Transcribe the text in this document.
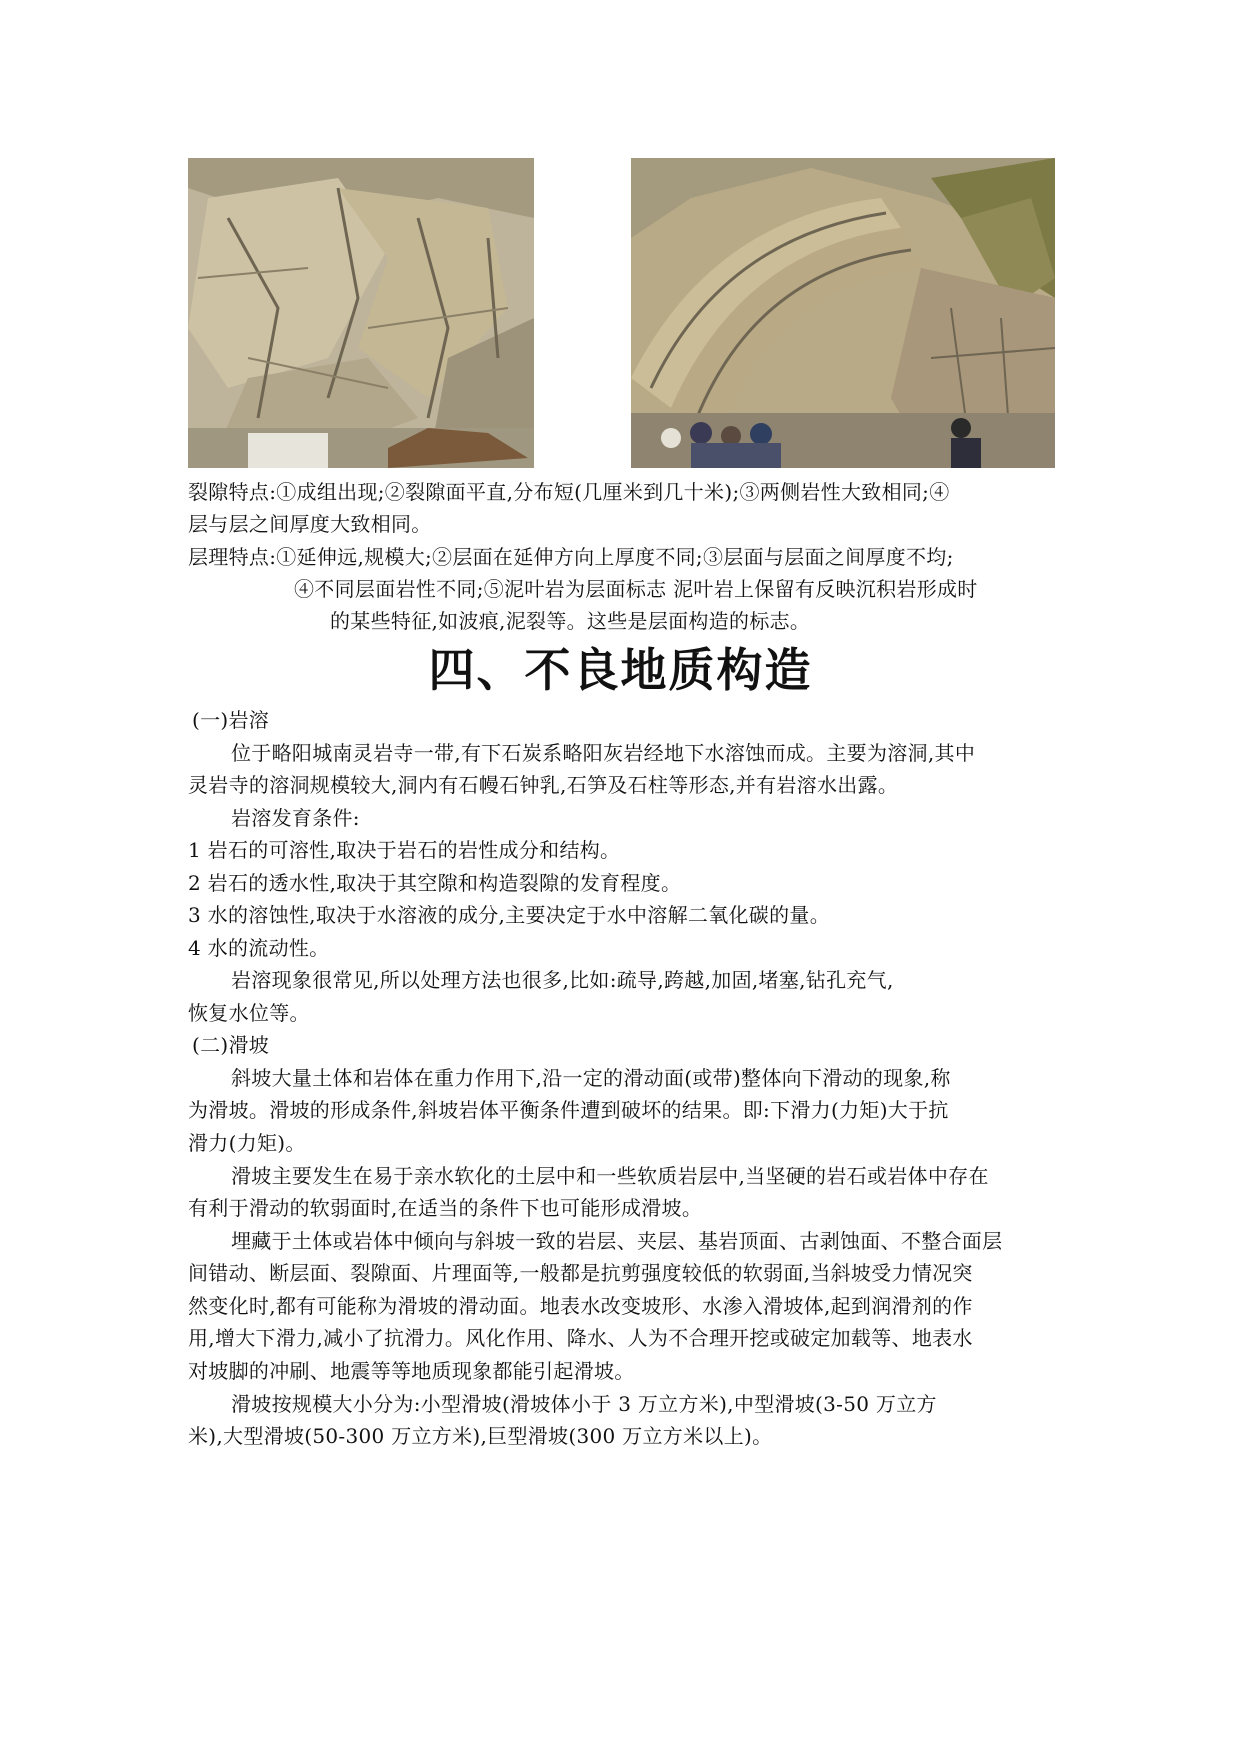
裂隙特点:①成组出现;②裂隙面平直,分布短(几厘米到几十米);③两侧岩性大致相同;④
层与层之间厚度大致相同。
层理特点:①延伸远,规模大;②层面在延伸方向上厚度不同;③层面与层面之间厚度不均;
④不同层面岩性不同;⑤泥叶岩为层面标志 泥叶岩上保留有反映沉积岩形成时
的某些特征,如波痕,泥裂等。这些是层面构造的标志。
四、不良地质构造
(一)岩溶
位于略阳城南灵岩寺一带,有下石炭系略阳灰岩经地下水溶蚀而成。主要为溶洞,其中
灵岩寺的溶洞规模较大,洞内有石幔石钟乳,石笋及石柱等形态,并有岩溶水出露。
岩溶发育条件:
1 岩石的可溶性,取决于岩石的岩性成分和结构。
2 岩石的透水性,取决于其空隙和构造裂隙的发育程度。
3 水的溶蚀性,取决于水溶液的成分,主要决定于水中溶解二氧化碳的量。
4 水的流动性。
岩溶现象很常见,所以处理方法也很多,比如:疏导,跨越,加固,堵塞,钻孔充气,
恢复水位等。
(二)滑坡
斜坡大量土体和岩体在重力作用下,沿一定的滑动面(或带)整体向下滑动的现象,称
为滑坡。滑坡的形成条件,斜坡岩体平衡条件遭到破坏的结果。即:下滑力(力矩)大于抗
滑力(力矩)。
滑坡主要发生在易于亲水软化的土层中和一些软质岩层中,当坚硬的岩石或岩体中存在
有利于滑动的软弱面时,在适当的条件下也可能形成滑坡。
埋藏于土体或岩体中倾向与斜坡一致的岩层、夹层、基岩顶面、古剥蚀面、不整合面层
间错动、断层面、裂隙面、片理面等,一般都是抗剪强度较低的软弱面,当斜坡受力情况突
然变化时,都有可能称为滑坡的滑动面。地表水改变坡形、水渗入滑坡体,起到润滑剂的作
用,增大下滑力,减小了抗滑力。风化作用、降水、人为不合理开挖或破定加载等、地表水
对坡脚的冲刷、地震等等地质现象都能引起滑坡。
滑坡按规模大小分为:小型滑坡(滑坡体小于 3 万立方米),中型滑坡(3-50 万立方
米),大型滑坡(50-300 万立方米),巨型滑坡(300 万立方米以上)。
